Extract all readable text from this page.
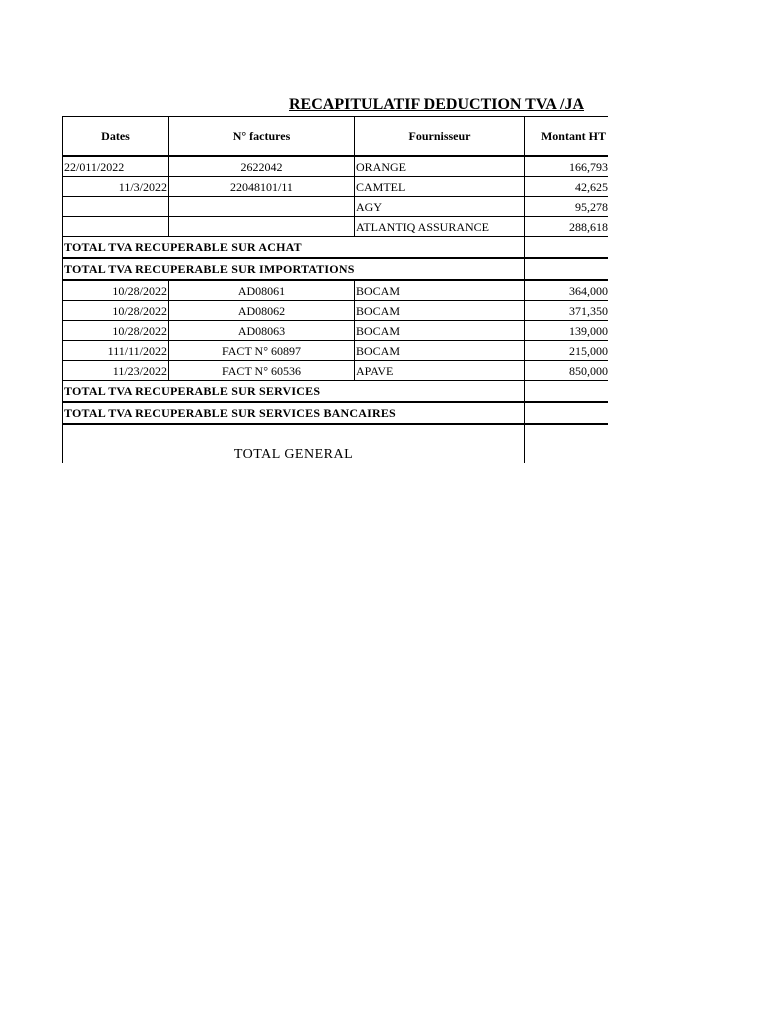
RECAPITULATIF DEDUCTION TVA /JA
Dates	N° factures	Fournisseur	Montant HT
22/011/2022	2622042	ORANGE	166,793
11/3/2022	22048101/11	CAMTEL	42,625
		AGY	95,278
		ATLANTIQ ASSURANCE	288,618
TOTAL TVA RECUPERABLE SUR ACHAT			
TOTAL TVA RECUPERABLE SUR IMPORTATIONS			
10/28/2022	AD08061	BOCAM	364,000
10/28/2022	AD08062	BOCAM	371,350
10/28/2022	AD08063	BOCAM	139,000
111/11/2022	FACT N° 60897	BOCAM	215,000
11/23/2022	FACT N° 60536	APAVE	850,000
TOTAL TVA RECUPERABLE SUR SERVICES			
TOTAL TVA RECUPERABLE SUR SERVICES BANCAIRES			
TOTAL GENERAL			
